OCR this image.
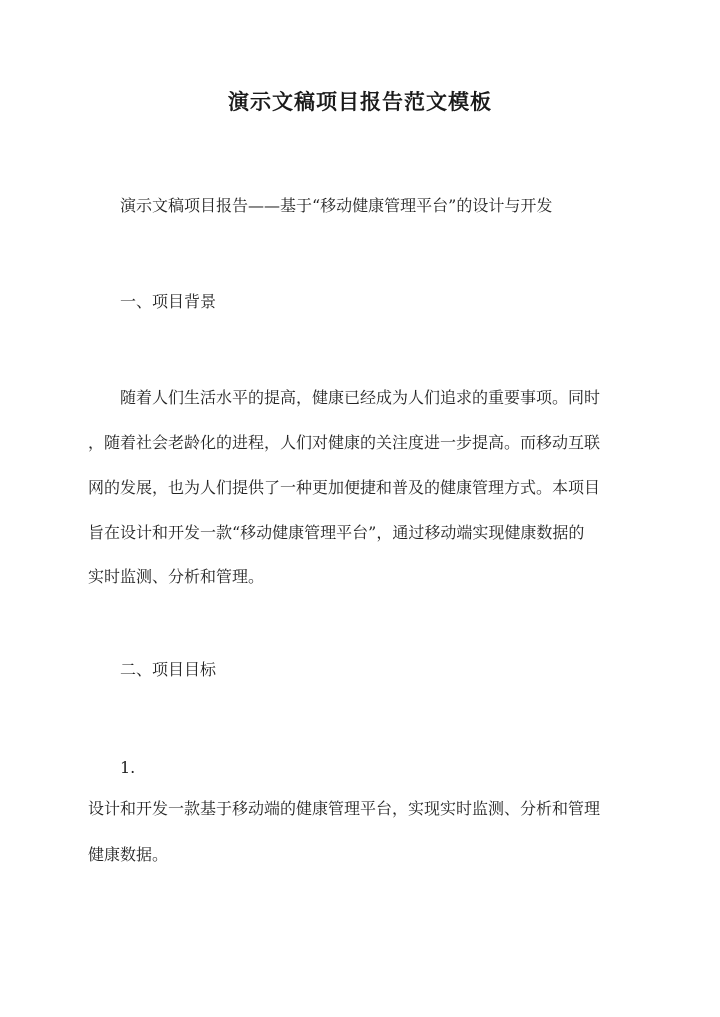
演示文稿项目报告范文模板
演示文稿项目报告——基于“移动健康管理平台”的设计与开发
一、项目背景
随着人们生活水平的提高，健康已经成为人们追求的重要事项。同时
，随着社会老龄化的进程，人们对健康的关注度进一步提高。而移动互联
网的发展，也为人们提供了一种更加便捷和普及的健康管理方式。本项目
旨在设计和开发一款“移动健康管理平台”，通过移动端实现健康数据的
实时监测、分析和管理。
二、项目目标
1.
设计和开发一款基于移动端的健康管理平台，实现实时监测、分析和管理
健康数据。
